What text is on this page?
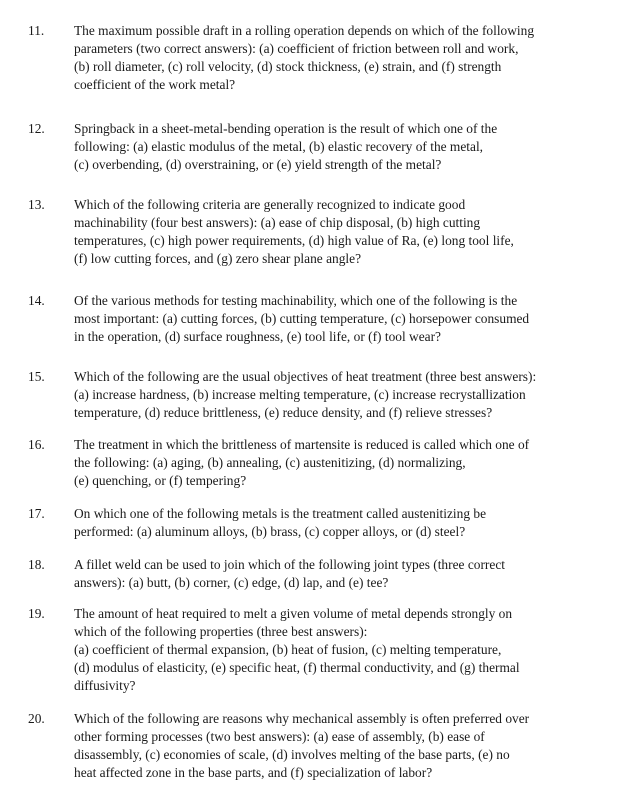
11. The maximum possible draft in a rolling operation depends on which of the following
parameters (two correct answers): (a) coefficient of friction between roll and work,
(b) roll diameter, (c) roll velocity, (d) stock thickness, (e) strain, and (f) strength
coefficient of the work metal?
12. Springback in a sheet-metal-bending operation is the result of which one of the
following: (a) elastic modulus of the metal, (b) elastic recovery of the metal,
(c) overbending, (d) overstraining, or (e) yield strength of the metal?
13. Which of the following criteria are generally recognized to indicate good
machinability (four best answers): (a) ease of chip disposal, (b) high cutting
temperatures, (c) high power requirements, (d) high value of Ra, (e) long tool life,
(f) low cutting forces, and (g) zero shear plane angle?
14. Of the various methods for testing machinability, which one of the following is the
most important: (a) cutting forces, (b) cutting temperature, (c) horsepower consumed
in the operation, (d) surface roughness, (e) tool life, or (f) tool wear?
15. Which of the following are the usual objectives of heat treatment (three best answers):
(a) increase hardness, (b) increase melting temperature, (c) increase recrystallization
temperature, (d) reduce brittleness, (e) reduce density, and (f) relieve stresses?
16. The treatment in which the brittleness of martensite is reduced is called which one of
the following: (a) aging, (b) annealing, (c) austenitizing, (d) normalizing,
(e) quenching, or (f) tempering?
17. On which one of the following metals is the treatment called austenitizing be
performed: (a) aluminum alloys, (b) brass, (c) copper alloys, or (d) steel?
18. A fillet weld can be used to join which of the following joint types (three correct
answers): (a) butt, (b) corner, (c) edge, (d) lap, and (e) tee?
19. The amount of heat required to melt a given volume of metal depends strongly on
which of the following properties (three best answers):
(a) coefficient of thermal expansion, (b) heat of fusion, (c) melting temperature,
(d) modulus of elasticity, (e) specific heat, (f) thermal conductivity, and (g) thermal
diffusivity?
20. Which of the following are reasons why mechanical assembly is often preferred over
other forming processes (two best answers): (a) ease of assembly, (b) ease of
disassembly, (c) economies of scale, (d) involves melting of the base parts, (e) no
heat affected zone in the base parts, and (f) specialization of labor?
